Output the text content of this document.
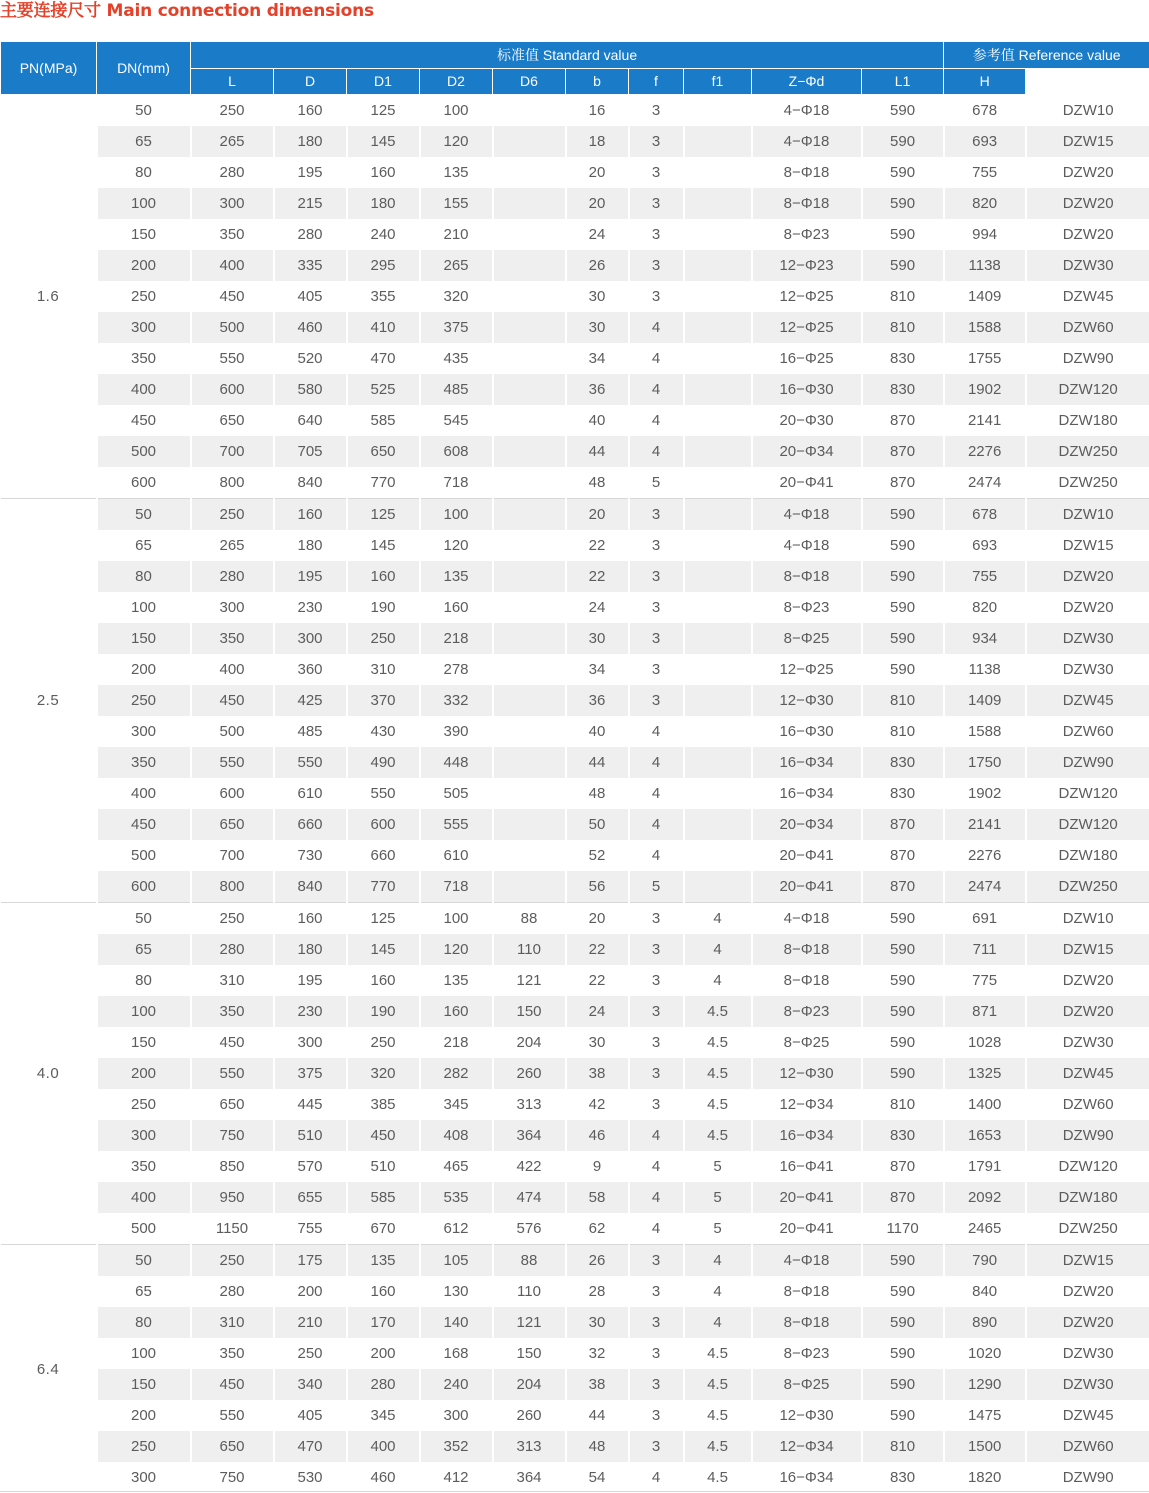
主要连接尺寸 Main connection dimensions
PN(MPa)	DN(mm)	标准值 Standard value										参考值 Reference value	

		L	D	D1	D2	D6	b	f	f1	Z−Φd	L1	H		
1.6	50	250	160	125	100		16	3		4−Φ18	590	678	DZW10	
	65	265	180	145	120		18	3		4−Φ18	590	693	DZW15	
	80	280	195	160	135		20	3		8−Φ18	590	755	DZW20	
	100	300	215	180	155		20	3		8−Φ18	590	820	DZW20	
	150	350	280	240	210		24	3		8−Φ23	590	994	DZW20	
	200	400	335	295	265		26	3		12−Φ23	590	1138	DZW30	
	250	450	405	355	320		30	3		12−Φ25	810	1409	DZW45	
	300	500	460	410	375		30	4		12−Φ25	810	1588	DZW60	
	350	550	520	470	435		34	4		16−Φ25	830	1755	DZW90	
	400	600	580	525	485		36	4		16−Φ30	830	1902	DZW120	
	450	650	640	585	545		40	4		20−Φ30	870	2141	DZW180	
	500	700	705	650	608		44	4		20−Φ34	870	2276	DZW250	
	600	800	840	770	718		48	5		20−Φ41	870	2474	DZW250	
2.5	50	250	160	125	100		20	3		4−Φ18	590	678	DZW10	
	65	265	180	145	120		22	3		4−Φ18	590	693	DZW15	
	80	280	195	160	135		22	3		8−Φ18	590	755	DZW20	
	100	300	230	190	160		24	3		8−Φ23	590	820	DZW20	
	150	350	300	250	218		30	3		8−Φ25	590	934	DZW30	
	200	400	360	310	278		34	3		12−Φ25	590	1138	DZW30	
	250	450	425	370	332		36	3		12−Φ30	810	1409	DZW45	
	300	500	485	430	390		40	4		16−Φ30	810	1588	DZW60	
	350	550	550	490	448		44	4		16−Φ34	830	1750	DZW90	
	400	600	610	550	505		48	4		16−Φ34	830	1902	DZW120	
	450	650	660	600	555		50	4		20−Φ34	870	2141	DZW120	
	500	700	730	660	610		52	4		20−Φ41	870	2276	DZW180	
	600	800	840	770	718		56	5		20−Φ41	870	2474	DZW250	
4.0	50	250	160	125	100	88	20	3	4	4−Φ18	590	691	DZW10	
	65	280	180	145	120	110	22	3	4	8−Φ18	590	711	DZW15	
	80	310	195	160	135	121	22	3	4	8−Φ18	590	775	DZW20	
	100	350	230	190	160	150	24	3	4.5	8−Φ23	590	871	DZW20	
	150	450	300	250	218	204	30	3	4.5	8−Φ25	590	1028	DZW30	
	200	550	375	320	282	260	38	3	4.5	12−Φ30	590	1325	DZW45	
	250	650	445	385	345	313	42	3	4.5	12−Φ34	810	1400	DZW60	
	300	750	510	450	408	364	46	4	4.5	16−Φ34	830	1653	DZW90	
	350	850	570	510	465	422	9	4	5	16−Φ41	870	1791	DZW120	
	400	950	655	585	535	474	58	4	5	20−Φ41	870	2092	DZW180	
	500	1150	755	670	612	576	62	4	5	20−Φ41	1170	2465	DZW250	
6.4	50	250	175	135	105	88	26	3	4	4−Φ18	590	790	DZW15	
	65	280	200	160	130	110	28	3	4	8−Φ18	590	840	DZW20	
	80	310	210	170	140	121	30	3	4	8−Φ18	590	890	DZW20	
	100	350	250	200	168	150	32	3	4.5	8−Φ23	590	1020	DZW30	
	150	450	340	280	240	204	38	3	4.5	8−Φ25	590	1290	DZW30	
	200	550	405	345	300	260	44	3	4.5	12−Φ30	590	1475	DZW45	
	250	650	470	400	352	313	48	3	4.5	12−Φ34	810	1500	DZW60	
	300	750	530	460	412	364	54	4	4.5	16−Φ34	830	1820	DZW90	
